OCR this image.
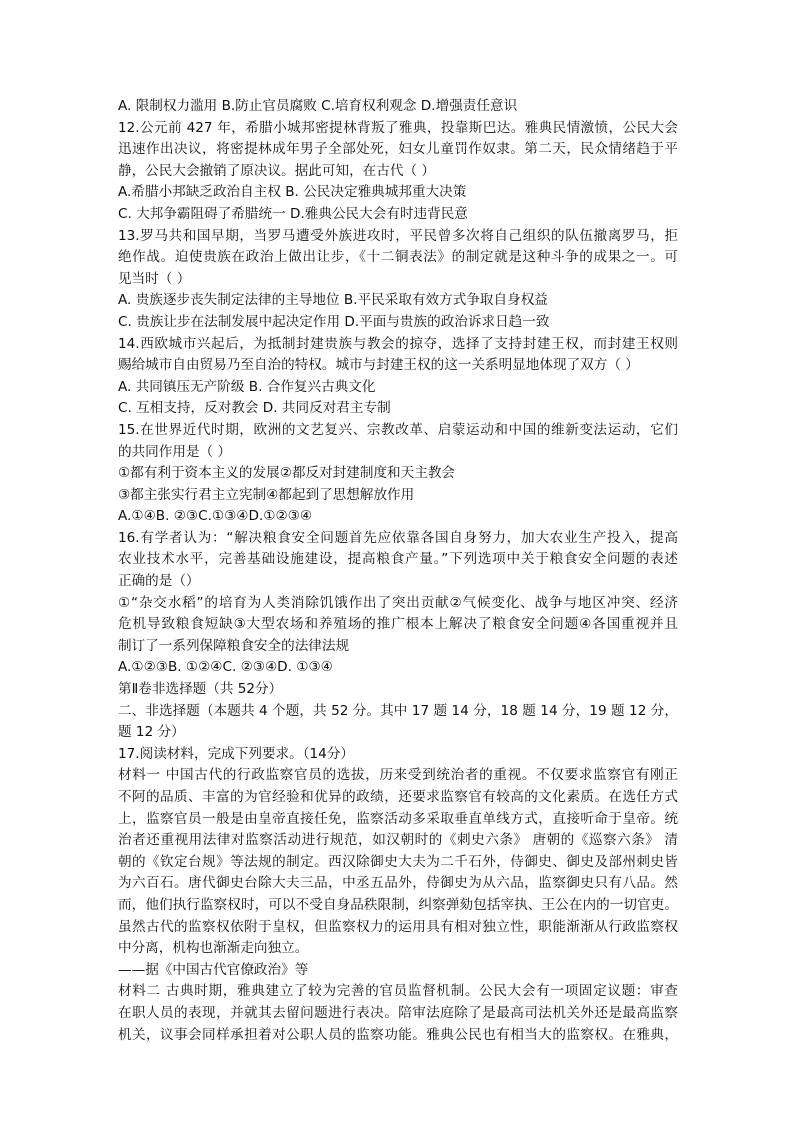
A. 限制权力滥用 B.防止官员腐败 C.培育权利观念 D.增强责任意识
12.公元前 427 年，希腊小城邦密提林背叛了雅典，投靠斯巴达。雅典民情激愤，公民大会
迅速作出决议，将密提林成年男子全部处死，妇女儿童罚作奴隶。第二天，民众情绪趋于平
静，公民大会撤销了原决议。据此可知，在古代（ ）
A.希腊小邦缺乏政治自主权 B. 公民决定雅典城邦重大决策
C. 大邦争霸阻碍了希腊统一 D.雅典公民大会有时违背民意
13.罗马共和国早期，当罗马遭受外族进攻时，平民曾多次将自己组织的队伍撤离罗马，拒
绝作战。迫使贵族在政治上做出让步，《十二铜表法》的制定就是这种斗争的成果之一。可
见当时（ ）
A. 贵族逐步丧失制定法律的主导地位 B.平民采取有效方式争取自身权益
C. 贵族让步在法制发展中起决定作用 D.平面与贵族的政治诉求日趋一致
14.西欧城市兴起后，为抵制封建贵族与教会的掠夺，选择了支持封建王权，而封建王权则
赐给城市自由贸易乃至自治的特权。城市与封建王权的这一关系明显地体现了双方（ ）
A. 共同镇压无产阶级 B. 合作复兴古典文化
C. 互相支持，反对教会 D. 共同反对君主专制
15.在世界近代时期，欧洲的文艺复兴、宗教改革、启蒙运动和中国的维新变法运动，它们
的共同作用是（ ）
①都有利于资本主义的发展②都反对封建制度和天主教会
③都主张实行君主立宪制④都起到了思想解放作用
A.①④B. ②③C.①③④D.①②③④
16.有学者认为：“解决粮食安全问题首先应依靠各国自身努力，加大农业生产投入，提高
农业技术水平，完善基础设施建设，提高粮食产量。”下列选项中关于粮食安全问题的表述
正确的是（）
①“杂交水稻”的培育为人类消除饥饿作出了突出贡献②气候变化、战争与地区冲突、经济
危机导致粮食短缺③大型农场和养殖场的推广根本上解决了粮食安全问题④各国重视并且
制订了一系列保障粮食安全的法律法规
A.①②③B. ①②④C. ②③④D. ①③④
第Ⅱ卷非选择题（共 52分）
二、非选择题（本题共 4 个题，共 52 分。其中 17 题 14 分，18 题 14 分，19 题 12 分，
题 12 分）
17.阅读材料，完成下列要求。（14分）
材料一 中国古代的行政监察官员的选拔，历来受到统治者的重视。不仅要求监察官有刚正
不阿的品质、丰富的为官经验和优异的政绩，还要求监察官有较高的文化素质。在选任方式
上，监察官员一般是由皇帝直接任免，监察活动多采取垂直单线方式，直接听命于皇帝。统
治者还重视用法律对监察活动进行规范，如汉朝时的《刺史六条》 唐朝的《巡察六条》 清
朝的《钦定台规》等法规的制定。西汉除御史大夫为二千石外，侍御史、御史及部州刺史皆
为六百石。唐代御史台除大夫三品，中丞五品外，侍御史为从六品，监察御史只有八品。然
而，他们执行监察权时，可以不受自身品秩限制，纠察弹劾包括宰执、王公在内的一切官吏。
虽然古代的监察权依附于皇权，但监察权力的运用具有相对独立性，职能渐渐从行政监察权
中分离，机构也渐渐走向独立。
——据《中国古代官僚政治》等
材料二 古典时期，雅典建立了较为完善的官员监督机制。公民大会有一项固定议题：审查
在职人员的表现，并就其去留问题进行表决。陪审法庭除了是最高司法机关外还是最高监察
机关，议事会同样承担着对公职人员的监察功能。雅典公民也有相当大的监察权。在雅典，
